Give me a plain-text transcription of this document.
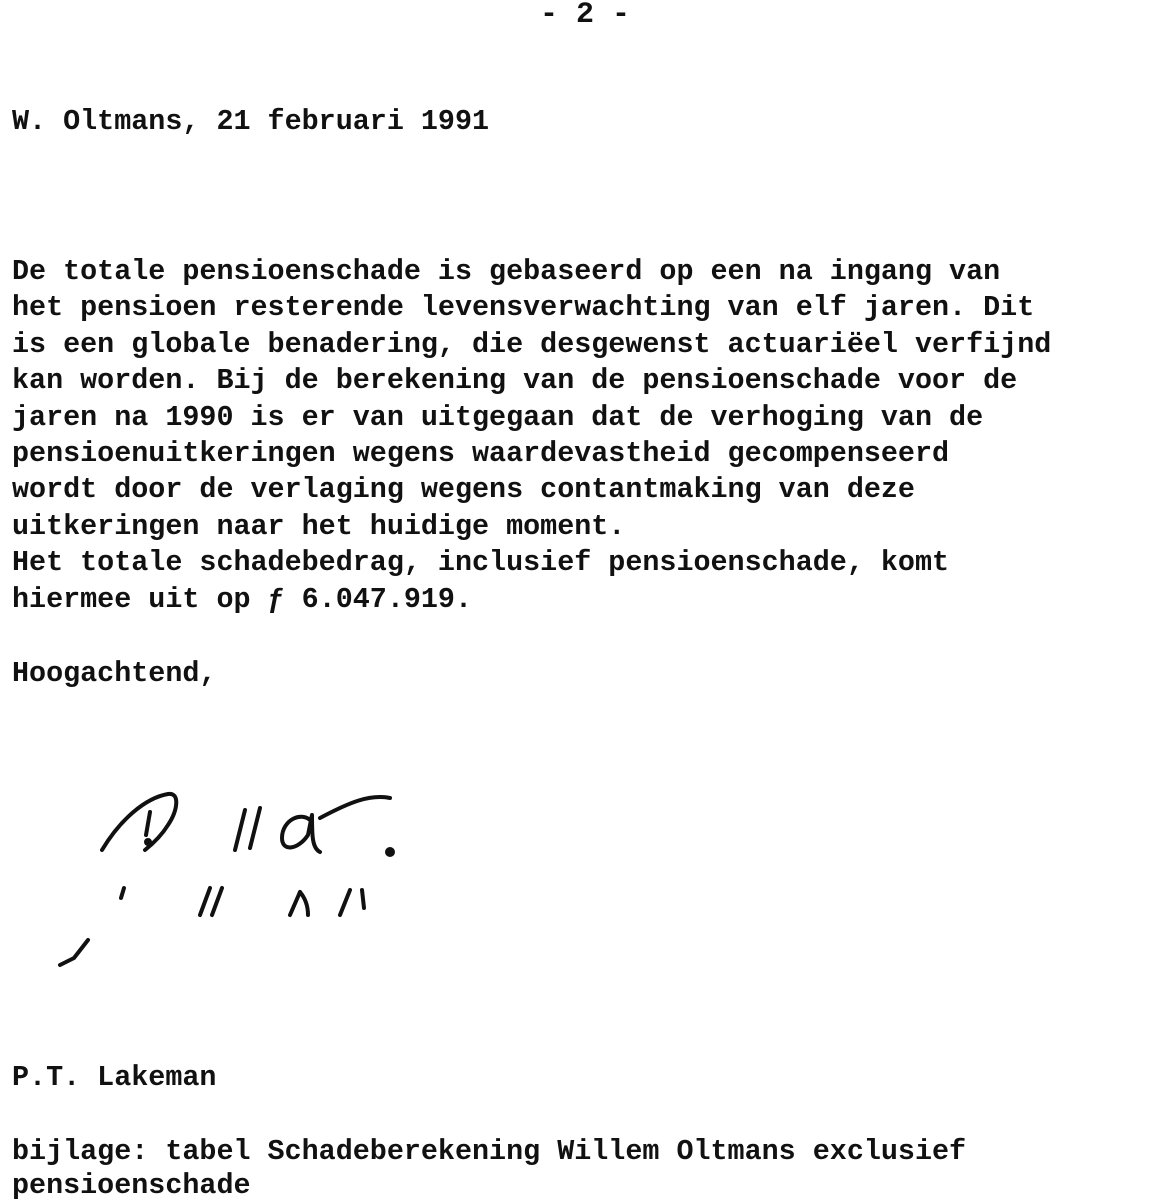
- 2 -
W. Oltmans, 21 februari 1991
De totale pensioenschade is gebaseerd op een na ingang van
het pensioen resterende levensverwachting van elf jaren. Dit
is een globale benadering, die desgewenst actuariëel verfijnd
kan worden. Bij de berekening van de pensioenschade voor de
jaren na 1990 is er van uitgegaan dat de verhoging van de
pensioenuitkeringen wegens waardevastheid gecompenseerd
wordt door de verlaging wegens contantmaking van deze
uitkeringen naar het huidige moment.
Het totale schadebedrag, inclusief pensioenschade, komt
hiermee uit op ƒ 6.047.919.
Hoogachtend,
P.T. Lakeman
bijlage: tabel Schadeberekening Willem Oltmans exclusief
pensioenschade
